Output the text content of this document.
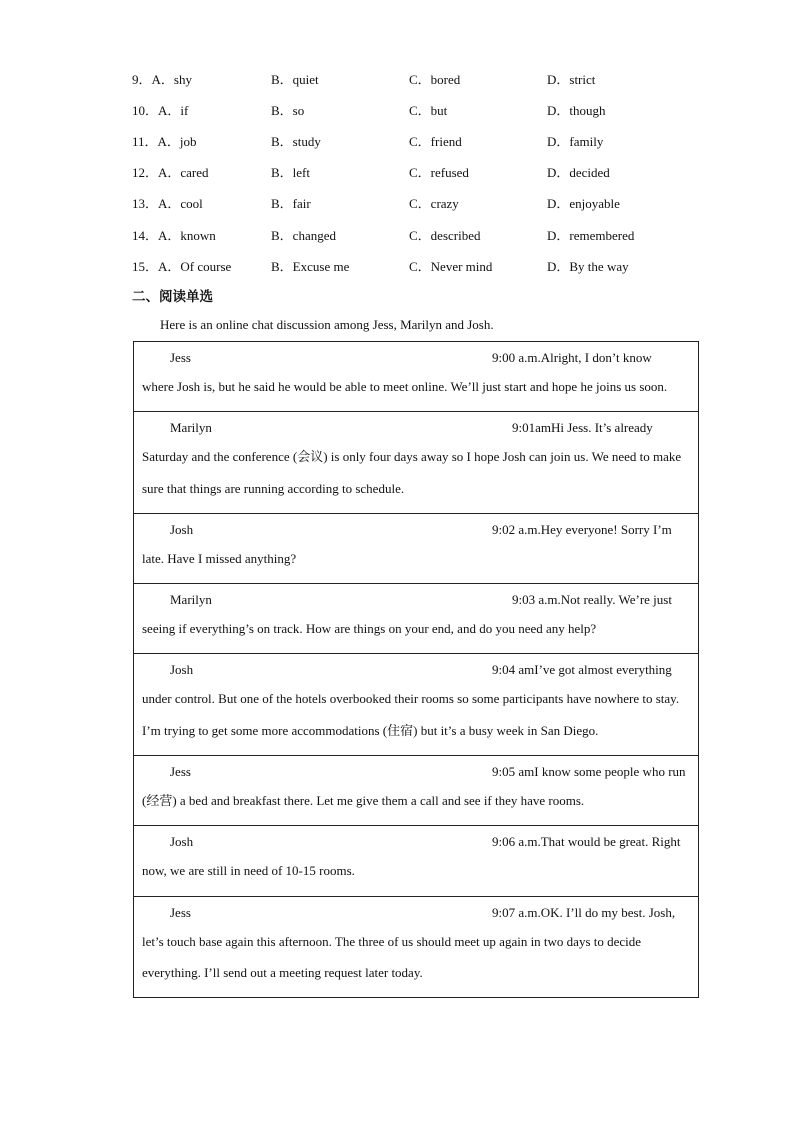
9．A．shy	B．quiet	C．bored	D．strict
10．A．if	B．so	C．but	D．though
11．A．job	B．study	C．friend	D．family
12．A．cared	B．left	C．refused	D．decided
13．A．cool	B．fair	C．crazy	D．enjoyable
14．A．known	B．changed	C．described	D．remembered
15．A．Of course	B．Excuse me	C．Never mind	D．By the way
二、阅读单选
Here is an online chat discussion among Jess, Marilyn and Josh.
Jess	9:00 a.m.Alright, I don’t know
where Josh is, but he said he would be able to meet online. We’ll just start and hope he joins us soon.
Marilyn	9:01amHi Jess. It’s already
Saturday and the conference (会议) is only four days away so I hope Josh can join us. We need to make sure that things are running according to schedule.
Josh	9:02 a.m.Hey everyone! Sorry I’m
late. Have I missed anything?
Marilyn	9:03 a.m.Not really. We’re just
seeing if everything’s on track. How are things on your end, and do you need any help?
Josh	9:04 amI’ve got almost everything
under control. But one of the hotels overbooked their rooms so some participants have nowhere to stay. I’m trying to get some more accommodations (住宿) but it’s a busy week in San Diego.
Jess	9:05 amI know some people who run
(经营) a bed and breakfast there. Let me give them a call and see if they have rooms.
Josh	9:06 a.m.That would be great. Right
now, we are still in need of 10-15 rooms.
Jess	9:07 a.m.OK. I’ll do my best. Josh,
let’s touch base again this afternoon. The three of us should meet up again in two days to decide everything. I’ll send out a meeting request later today.
